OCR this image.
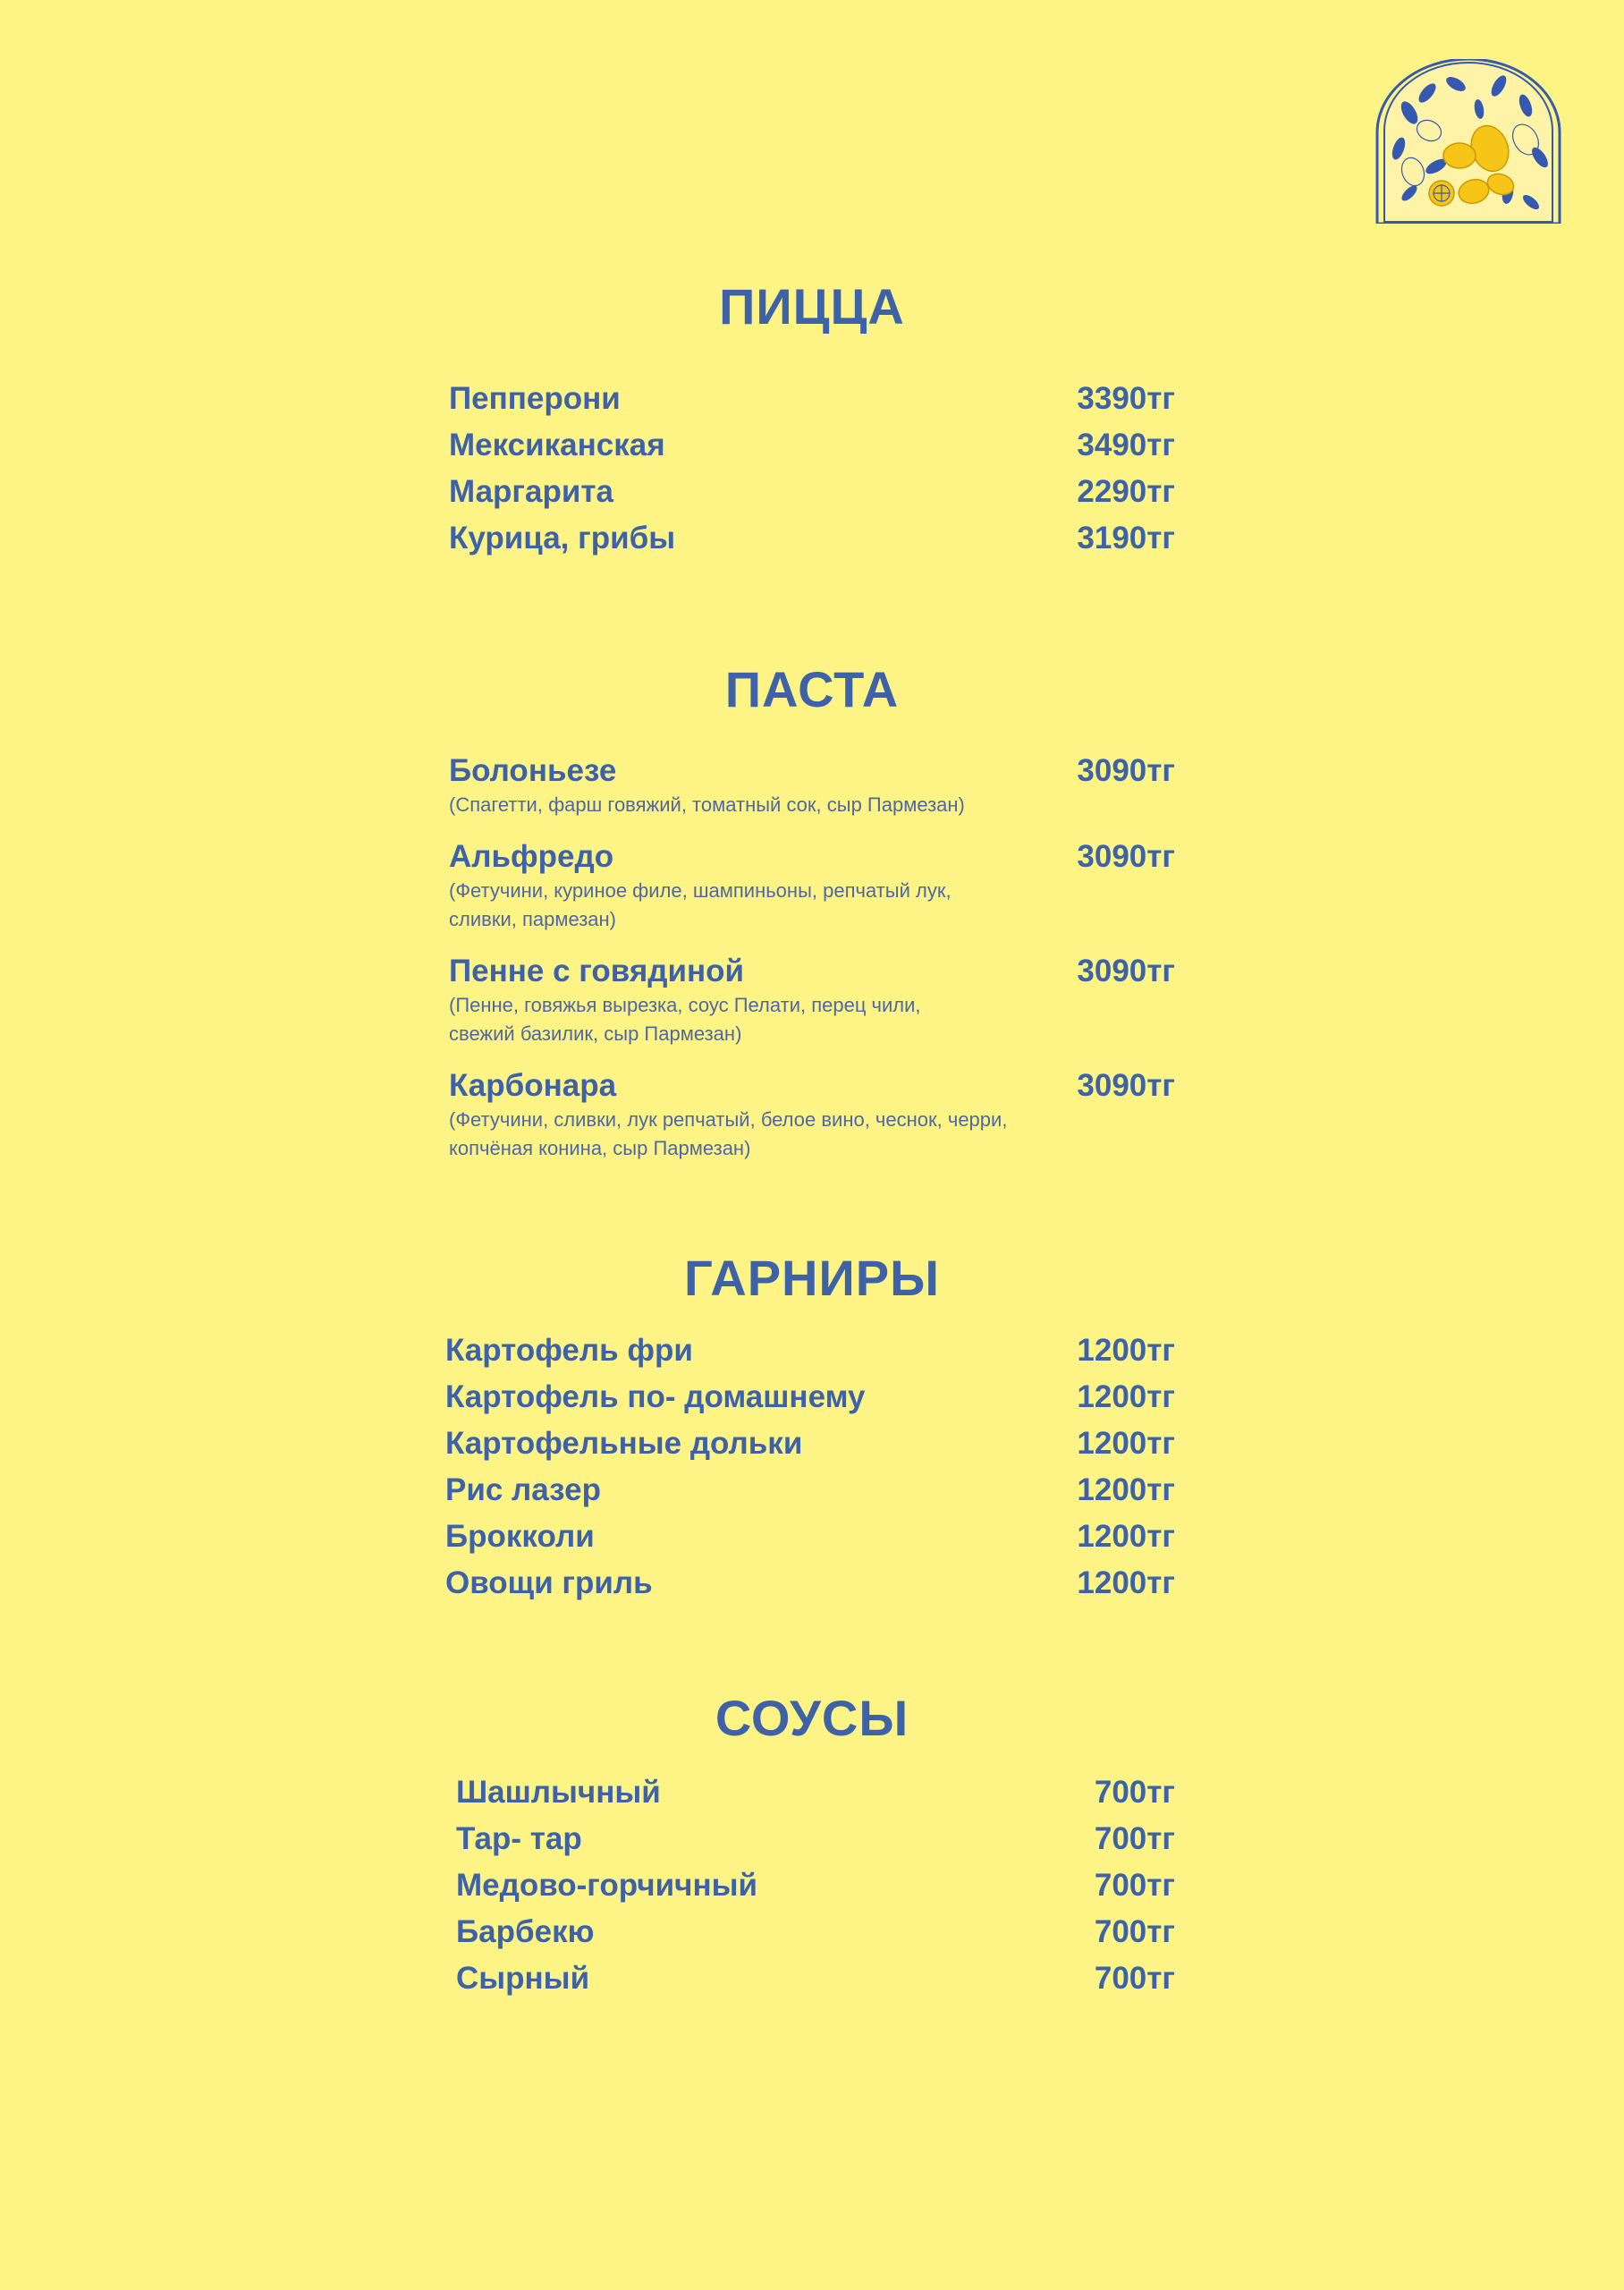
ПИЦЦА
Пепперони	3390тг
Мексиканская	3490тг
Маргарита	2290тг
Курица, грибы	3190тг
ПАСТА
Болоньезе	3090тг
(Спагетти, фарш говяжий, томатный сок, сыр Пармезан)
Альфредо	3090тг
(Фетучини, куриное филе, шампиньоны, репчатый лук,
сливки, пармезан)
Пенне с говядиной	3090тг
(Пенне, говяжья вырезка, соус Пелати, перец чили,
свежий базилик, сыр Пармезан)
Карбонара	3090тг
(Фетучини, сливки, лук репчатый, белое вино, чеснок, черри,
копчёная конина, сыр Пармезан)
ГАРНИРЫ
Картофель фри	1200тг
Картофель по- домашнему	1200тг
Картофельные дольки	1200тг
Рис лазер	1200тг
Брокколи	1200тг
Овощи гриль	1200тг
СОУСЫ
Шашлычный	700тг
Тар- тар	700тг
Медово-горчичный	700тг
Барбекю	700тг
Сырный	700тг
